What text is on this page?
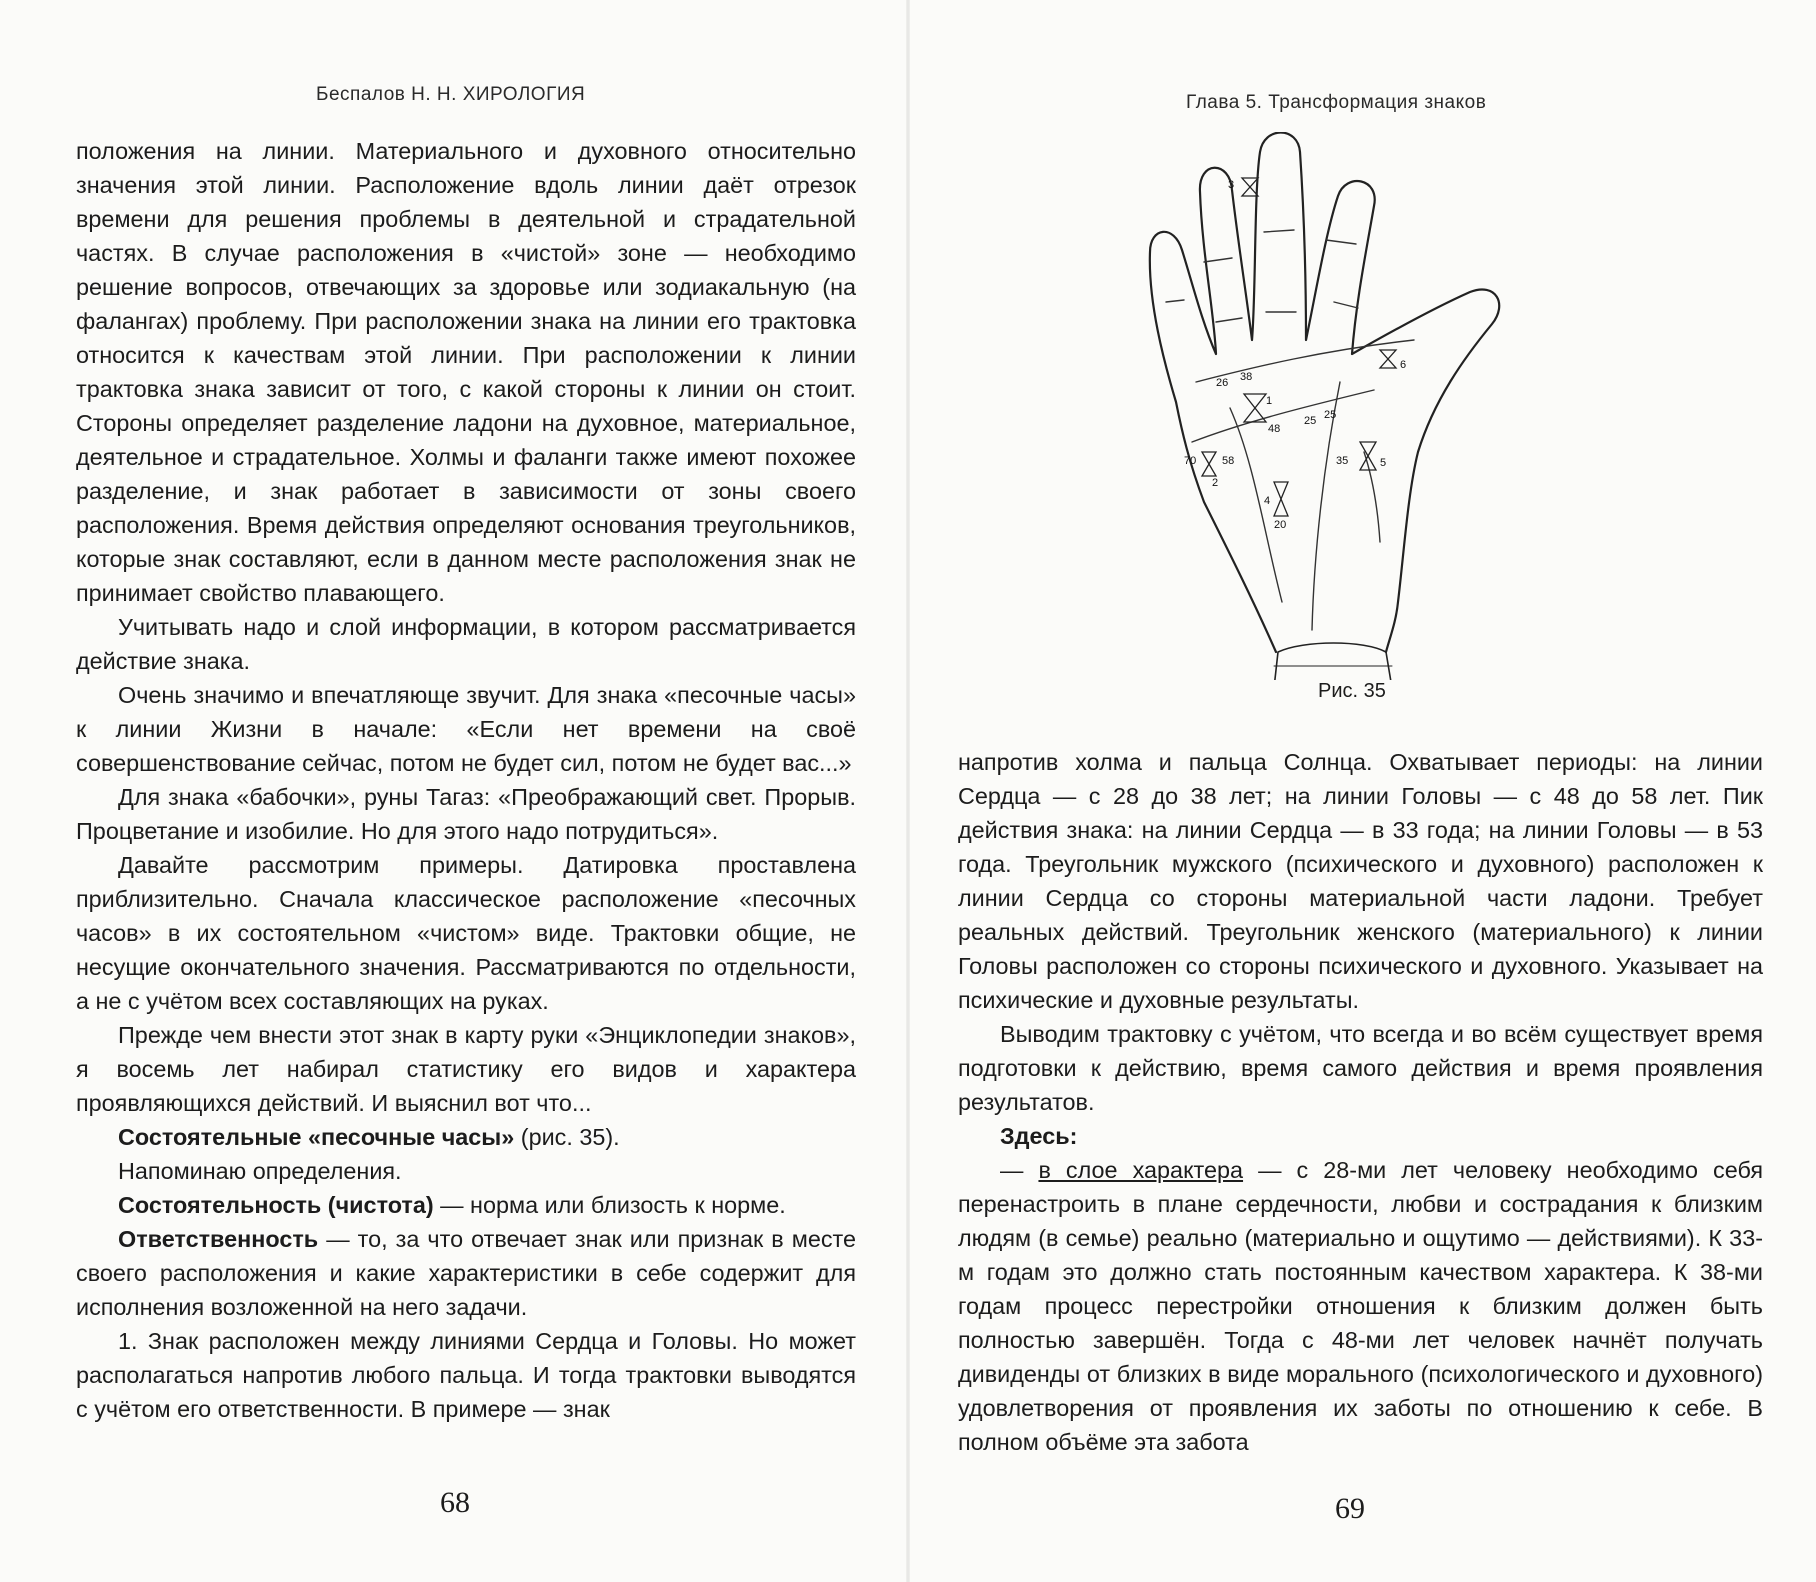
Беспалов Н. Н. ХИРОЛОГИЯ

положения на линии. Материального и духовного относительно значения этой линии. Расположение вдоль линии даёт отрезок времени для решения проблемы в деятельной и страдательной частях. В случае расположения в «чистой» зоне — необходимо решение вопросов, отвечающих за здоровье или зодиакальную (на фалангах) проблему. При расположении знака на линии его трактовка относится к качествам этой линии. При расположении к линии трактовка знака зависит от того, с какой стороны к линии он стоит. Стороны определяет разделение ладони на духовное, материальное, деятельное и страдательное. Холмы и фаланги также имеют похожее разделение, и знак работает в зависимости от зоны своего расположения. Время действия определяют основания треугольников, которые знак составляют, если в данном месте расположения знак не принимает свойство плавающего.

Учитывать надо и слой информации, в котором рассматривается действие знака.

Очень значимо и впечатляюще звучит. Для знака «песочные часы» к линии Жизни в начале: «Если нет времени на своё совершенствование сейчас, потом не будет сил, потом не будет вас...»

Для знака «бабочки», руны Тагаз: «Преображающий свет. Прорыв. Процветание и изобилие. Но для этого надо потрудиться».

Давайте рассмотрим примеры. Датировка проставлена приблизительно. Сначала классическое расположение «песочных часов» в их состоятельном «чистом» виде. Трактовки общие, не несущие окончательного значения. Рассматриваются по отдельности, а не с учётом всех составляющих на руках.

Прежде чем внести этот знак в карту руки «Энциклопедии знаков», я восемь лет набирал статистику его видов и характера проявляющихся действий. И выяснил вот что...

Состоятельные «песочные часы» (рис. 35).

Напоминаю определения.

Состоятельность (чистота) — норма или близость к норме.

Ответственность — то, за что отвечает знак или признак в месте своего расположения и какие характеристики в себе содержит для исполнения возложенной на него задачи.

1. Знак расположен между линиями Сердца и Головы. Но может располагаться напротив любого пальца. И тогда трактовки выводятся с учётом его ответственности. В примере — знак

68
Глава 5. Трансформация знаков
3
6
26 38
1
48
25 25
70 58
2
35	5
4
20
Рис. 35

напротив холма и пальца Солнца. Охватывает периоды: на линии Сердца — с 28 до 38 лет; на линии Головы — с 48 до 58 лет. Пик действия знака: на линии Сердца — в 33 года; на линии Головы — в 53 года. Треугольник мужского (психического и духовного) расположен к линии Сердца со стороны материальной части ладони. Требует реальных действий. Треугольник женского (материального) к линии Головы расположен со стороны психического и духовного. Указывает на психические и духовные результаты.

Выводим трактовку с учётом, что всегда и во всём существует время подготовки к действию, время самого действия и время проявления результатов.

Здесь:

— в слое характера — с 28-ми лет человеку необходимо себя перенастроить в плане сердечности, любви и сострадания к близким людям (в семье) реально (материально и ощутимо — действиями). К 33-м годам это должно стать постоянным качеством характера. К 38-ми годам процесс перестройки отношения к близким должен быть полностью завершён. Тогда с 48-ми лет человек начнёт получать дивиденды от близких в виде морального (психологического и духовного) удовлетворения от проявления их заботы по отношению к себе. В полном объёме эта забота

69
